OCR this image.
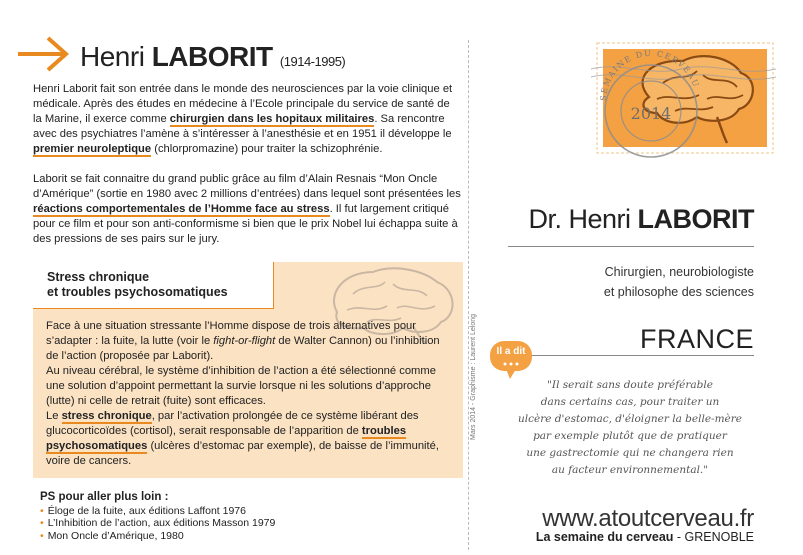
Henri LABORIT (1914-1995)
Henri Laborit fait son entrée dans le monde des neurosciences par la voie clinique et médicale. Après des études en médecine à l’Ecole principale du service de santé de la Marine, il exerce comme chirurgien dans les hopitaux militaires. Sa rencontre avec des psychiatres l’amène à s’intéresser à l’anesthésie et en 1951 il développe le premier neuroleptique (chlorpromazine) pour traiter la schizophrénie.
Laborit se fait connaitre du grand public grâce au film d’Alain Resnais “Mon Oncle d’Amérique” (sortie en 1980 avec 2 millions d’entrées) dans lequel sont présentées les réactions comportementales de l’Homme face au stress. Il fut largement critiqué pour ce film et pour son anti-conformisme si bien que le prix Nobel lui échappa suite à des pressions de ses pairs sur le jury.
Stress chronique
et troubles psychosomatiques
Face à une situation stressante l’Homme dispose de trois alternatives pour s’adapter : la fuite, la lutte (voir le fight-or-flight de Walter Cannon) ou l’inhibition de l’action (proposée par Laborit).
Au niveau cérébral, le système d’inhibition de l’action a été sélectionné comme une solution d’appoint permettant la survie lorsque ni les solutions d’approche (lutte) ni celle de retrait (fuite) sont efficaces.
Le stress chronique, par l’activation prolongée de ce système libérant des glucocorticoïdes (cortisol), serait responsable de l’apparition de troubles psychosomatiques (ulcères d’estomac par exemple), de baisse de l’immunité, voire de cancers.
PS pour aller plus loin :
• Éloge de la fuite, aux éditions Laffont 1976
• L’Inhibition de l’action, aux éditions Masson 1979
• Mon Oncle d’Amérique, 1980
Mars 2014 - Graphisme : Laurent Lelong
SEMAINE DU CERVEAU
2014
Dr. Henri LABORIT
Chirurgien, neurobiologiste
et philosophe des sciences
FRANCE
Il a dit
"Il serait sans doute préférable
dans certains cas, pour traiter un
ulcère d'estomac, d'éloigner la belle-mère
par exemple plutôt que de pratiquer
une gastrectomie qui ne changera rien
au facteur environnemental."
www.atoutcerveau.fr
La semaine du cerveau - GRENOBLE
